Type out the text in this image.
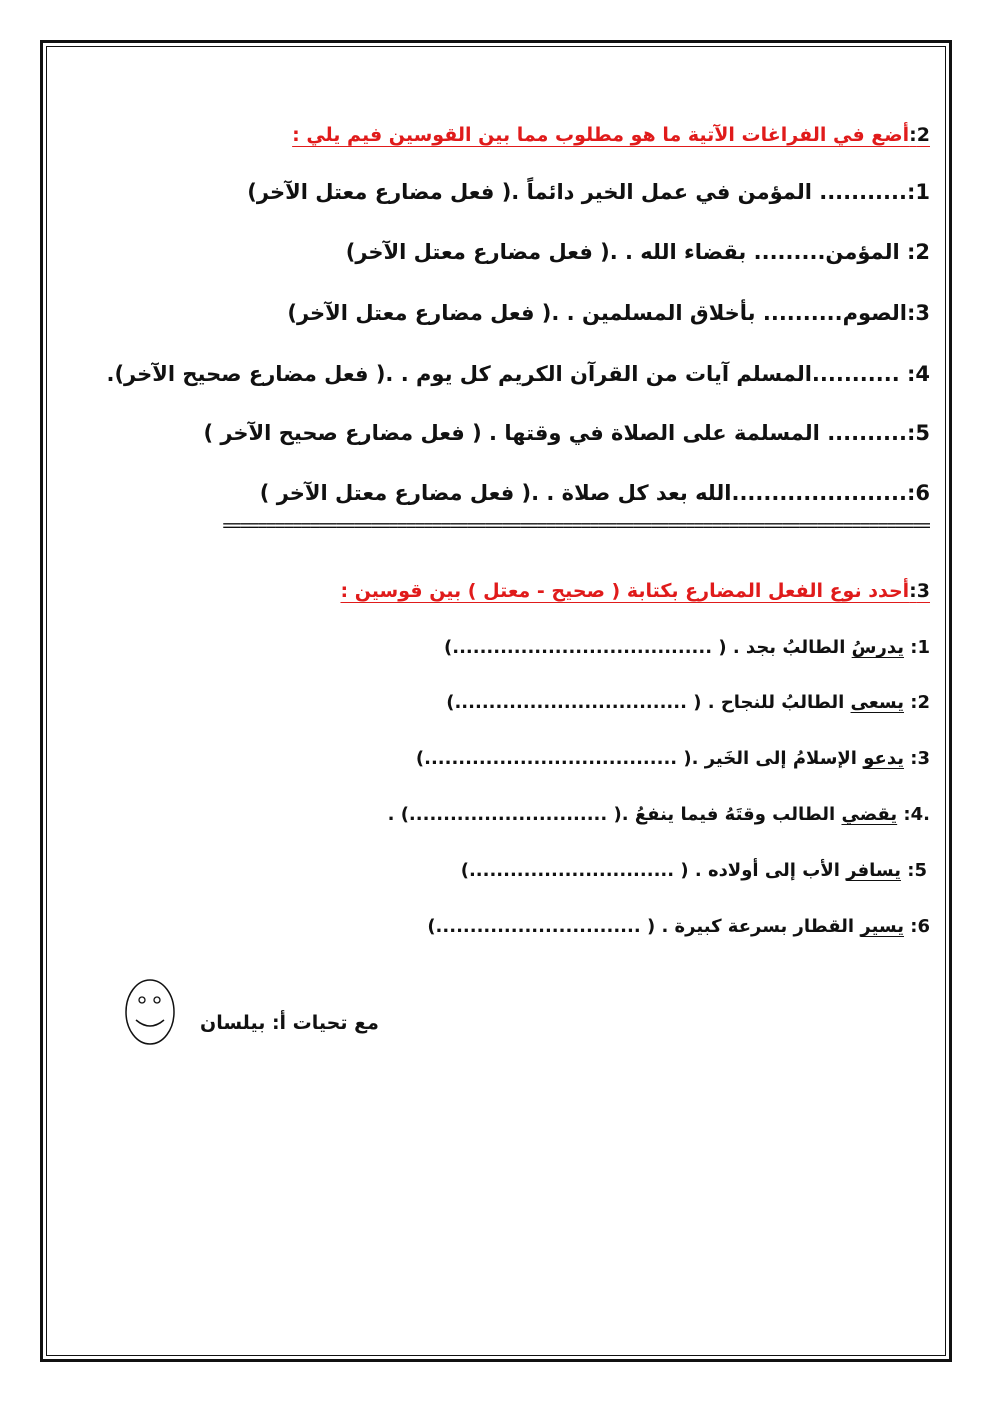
2:أضع في الفراغات الآتية ما هو مطلوب مما بين القوسين فيم يلي :
1:........... المؤمن في عمل الخير دائماً .( فعل مضارع معتل الآخر)
2: المؤمن......... بقضاء الله . .( فعل مضارع معتل الآخر)
3:الصوم.......... بأخلاق المسلمين . .( فعل مضارع معتل الآخر)
4: ...........المسلم آيات من القرآن الكريم كل يوم . .( فعل مضارع صحيح الآخر).
5:.......... المسلمة على الصلاة في وقتها . ( فعل مضارع صحيح الآخر )
6:......................الله بعد كل صلاة . .( فعل مضارع معتل الآخر )
=================================================================================
3:أحدد نوع الفعل المضارع بكتابة ( صحيح - معتل ) بين قوسين :
1: يدرسُ الطالبُ بجد . ( ......................................)
2: يسعى الطالبُ للنجاح . ( ..................................)
3: يدعو الإسلامُ إلى الخَير .( .....................................)
.4: يقضي الطالب وقتَهُ فيما ينفعُ .( .............................) .
5: يسافر الأب إلى أولاده . ( ..............................)
6: يسير القطار بسرعة كبيرة . ( ..............................)
مع تحيات أ: بيلسان
